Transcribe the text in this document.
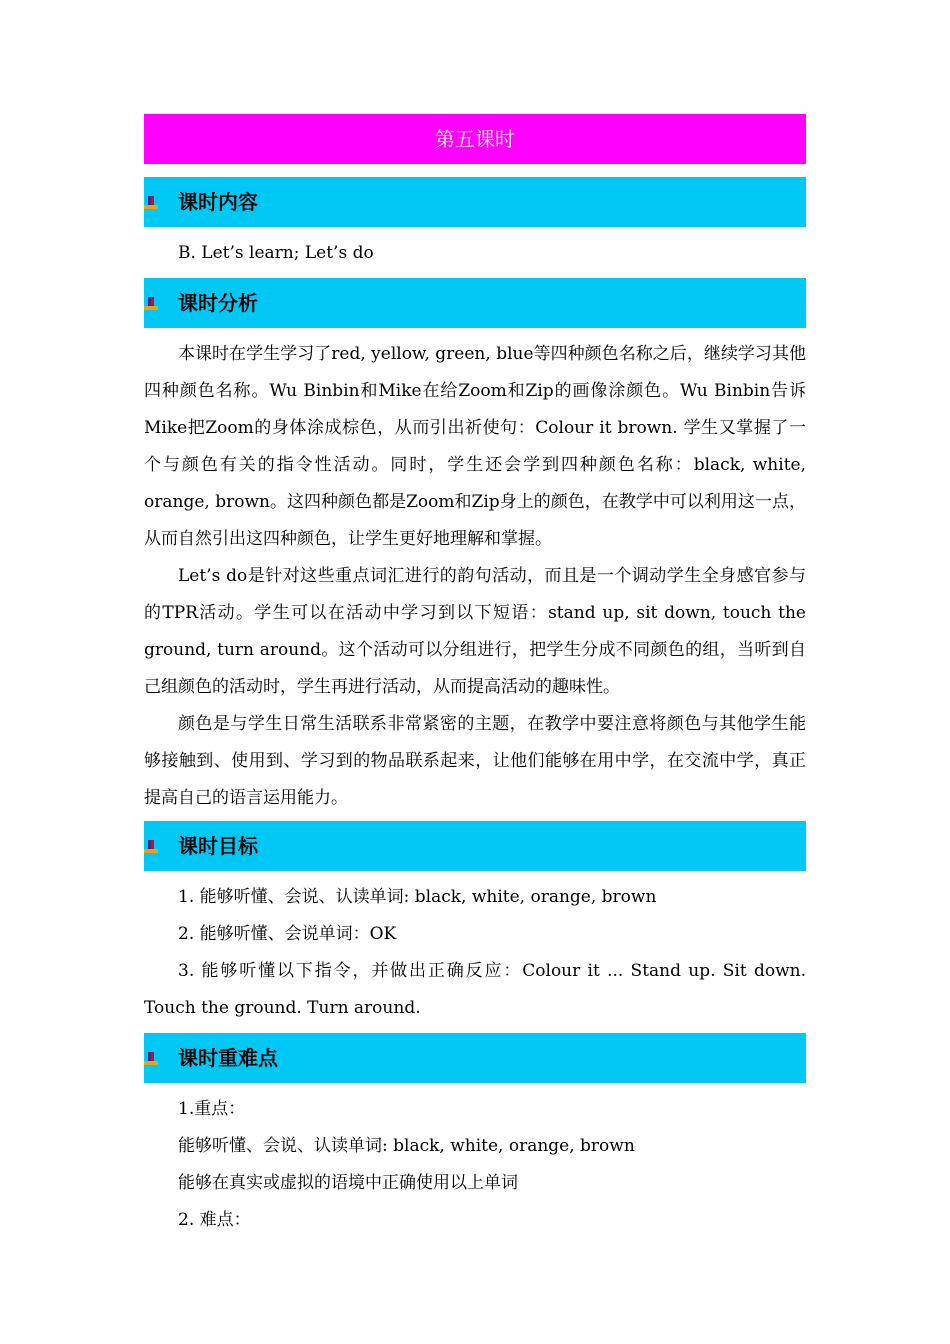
第五课时
课时内容

B. Let’s learn; Let’s do

课时分析

本课时在学生学习了red, yellow, green, blue等四种颜色名称之后，继续学习其他四种颜色名称。Wu Binbin和Mike在给Zoom和Zip的画像涂颜色。Wu Binbin告诉Mike把Zoom的身体涂成棕色，从而引出祈使句：Colour it brown. 学生又掌握了一个与颜色有关的指令性活动。同时，学生还会学到四种颜色名称：black, white, orange, brown。这四种颜色都是Zoom和Zip身上的颜色，在教学中可以利用这一点，从而自然引出这四种颜色，让学生更好地理解和掌握。

Let’s do是针对这些重点词汇进行的韵句活动，而且是一个调动学生全身感官参与的TPR活动。学生可以在活动中学习到以下短语：stand up, sit down, touch the ground, turn around。这个活动可以分组进行，把学生分成不同颜色的组，当听到自己组颜色的活动时，学生再进行活动，从而提高活动的趣味性。

颜色是与学生日常生活联系非常紧密的主题，在教学中要注意将颜色与其他学生能够接触到、使用到、学习到的物品联系起来，让他们能够在用中学，在交流中学，真正提高自己的语言运用能力。

课时目标

1. 能够听懂、会说、认读单词: black, white, orange, brown

2. 能够听懂、会说单词：OK

3. 能够听懂以下指令，并做出正确反应：Colour it ... Stand up. Sit down. Touch the ground. Turn around.

课时重难点

1.重点：

能够听懂、会说、认读单词: black, white, orange, brown

能够在真实或虚拟的语境中正确使用以上单词

2. 难点：
